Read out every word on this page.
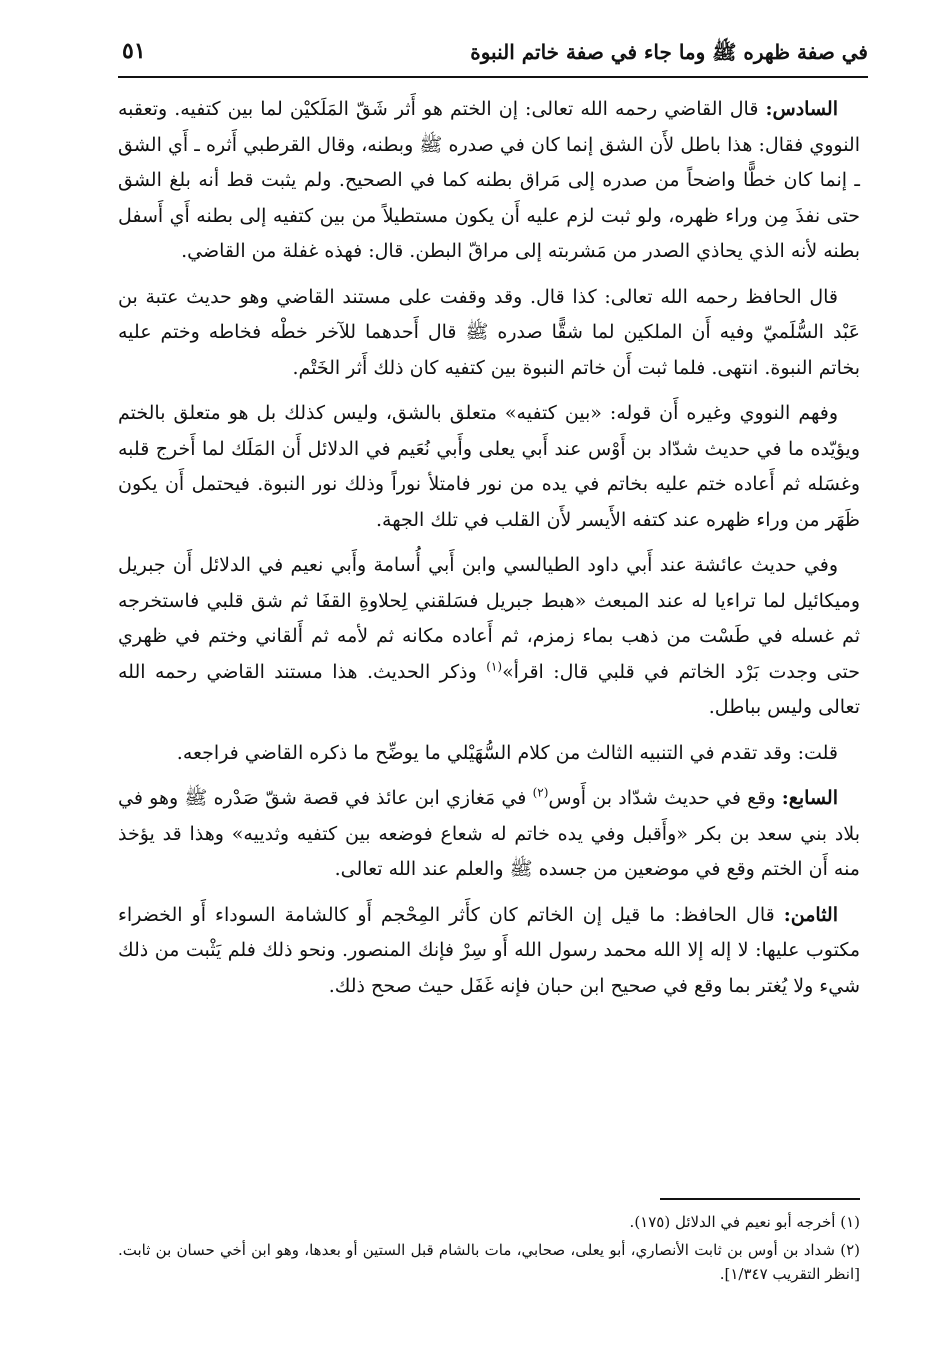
في صفة ظهره ﷺ وما جاء في صفة خاتم النبوة
٥١

السادس: قال القاضي رحمه الله تعالى: إن الختم هو أَثر شَقّ المَلَكيْن لما بين كتفيه. وتعقبه النووي فقال: هذا باطل لأَن الشق إنما كان في صدره ﷺ وبطنه، وقال القرطبي أَثره ـ أَي الشق ـ إنما كان خطًّا واضحاً من صدره إلى مَراق بطنه كما في الصحيح. ولم يثبت قط أنه بلغ الشق حتى نفذَ مِن وراء ظهره، ولو ثبت لزم عليه أَن يكون مستطيلاً من بين كتفيه إلى بطنه أَي أَسفل بطنه لأنه الذي يحاذي الصدر من مَشربته إلى مراقّ البطن. قال: فهذه غفلة من القاضي.

قال الحافظ رحمه الله تعالى: كذا قال. وقد وقفت على مستند القاضي وهو حديث عتبة بن عَبْد السُّلَميّ وفيه أَن الملكين لما شقًّا صدره ﷺ قال أَحدهما للآخر خطْه فخاطه وختم عليه بخاتم النبوة. انتهى. فلما ثبت أَن خاتم النبوة بين كتفيه كان ذلك أَثر الخَتْم.

وفهم النووي وغيره أَن قوله: «بين كتفيه» متعلق بالشق، وليس كذلك بل هو متعلق بالختم ويؤيّده ما في حديث شدّاد بن أَوْس عند أَبي يعلى وأَبي نُعَيم في الدلائل أَن المَلَك لما أَخرج قلبه وغسَله ثم أَعاده ختم عليه بخاتم في يده من نور فامتلأ نوراً وذلك نور النبوة. فيحتمل أَن يكون ظَهَر من وراء ظهره عند كتفه الأَيسر لأَن القلب في تلك الجهة.

وفي حديث عائشة عند أَبي داود الطيالسي وابن أَبي أُسامة وأَبي نعيم في الدلائل أَن جبريل وميكائيل لما تراءيا له عند المبعث «هبط جبريل فسَلقني لِحلاوةِ القفَا ثم شق قلبي فاستخرجه ثم غسله في طَسْت من ذهب بماء زمزم، ثم أَعاده مكانه ثم لأمه ثم أَلقاني وختم في ظهري حتى وجدت بَرْد الخاتم في قلبي قال: اقرأ»$^{(١)}$ وذكر الحديث. هذا مستند القاضي رحمه الله تعالى وليس بباطل.

قلت: وقد تقدم في التنبيه الثالث من كلام السُّهَيْلي ما يوضِّح ما ذكره القاضي فراجعه.

السابع: وقع في حديث شدّاد بن أَوس$^{(٢)}$ في مَغازي ابن عائذ في قصة شقّ صَدْره ﷺ وهو في بلاد بني سعد بن بكر «وأَقبل وفي يده خاتم له شعاع فوضعه بين كتفيه وثدييه» وهذا قد يؤخذ منه أَن الختم وقع في موضعين من جسده ﷺ والعلم عند الله تعالى.

الثامن: قال الحافظ: ما قيل إن الخاتم كان كأَثر المِحْجم أَو كالشامة السوداء أَو الخضراء مكتوب عليها: لا إله إلا الله محمد رسول الله أَو سِرْ فإنك المنصور. ونحو ذلك فلم يَثْبت من ذلك شيء ولا يُغتر بما وقع في صحيح ابن حبان فإنه غَفَل حيث صحح ذلك.

(١) أخرجه أبو نعيم في الدلائل (١٧٥).

(٢) شداد بن أوس بن ثابت الأنصاري، أبو يعلى، صحابي، مات بالشام قبل الستين أو بعدها، وهو ابن أخي حسان بن ثابت. [انظر التقريب ١/٣٤٧].
